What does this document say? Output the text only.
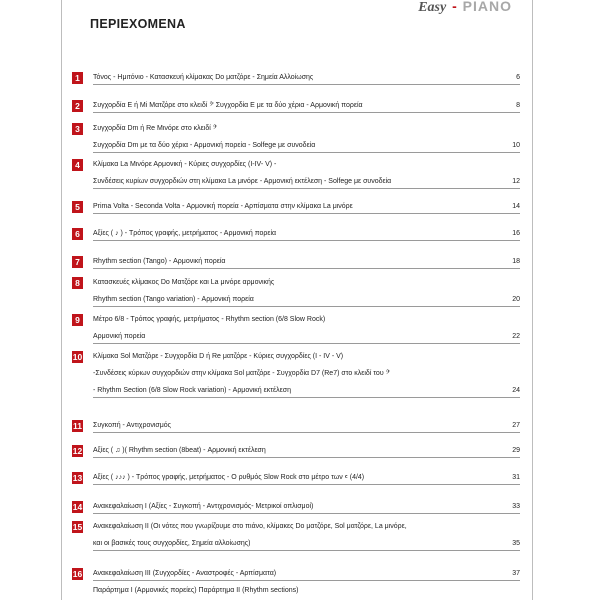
Easy - PIANO
ΠΕΡΙΕΧΟΜΕΝΑ
1	Τόνος - Ημιτόνιο - Κατασκευή κλίμακας Do ματζόρε - Σημεία Αλλοίωσης	6
2	Συγχορδία E ή Mi Ματζόρε στο κλειδί 𝄢 Συγχορδία E με τα δύο χέρια - Αρμονική πορεία	8
3	Συγχορδία Dm ή Re Μινόρε στο κλειδί 𝄢
Συγχορδία Dm με τα δύο χέρια - Αρμονική πορεία - Solfege με συνοδεία	10
4	Κλίμακα La Μινόρε Αρμονική - Κύριες συγχορδίες (I-IV- V) -
Συνδέσεις κυρίων συγχορδιών στη κλίμακα La μινόρε - Αρμονική εκτέλεση - Solfege με συνοδεία	12
5	Prima Volta - Seconda Volta - Αρμονική πορεία - Αρπίσματα στην κλίμακα La μινόρε	14
6	Αξίες ( ♪ ) - Τρόπος γραφής, μετρήματος - Αρμονική πορεία	16
7	Rhythm section (Tango) - Αρμονική πορεία	18
8	Κατασκευές κλίμακος Do Ματζόρε και La μινόρε αρμονικής
Rhythm section (Tango variation) - Αρμονική πορεία	20
9	Μέτρο 6/8 - Τρόπος γραφής, μετρήματος - Rhythm section (6/8 Slow Rock)
Αρμονική πορεία	22
10 Κλίμακα Sol Ματζόρε - Συγχορδία D ή Re ματζόρε - Κύριες συγχορδίες (I - IV - V)
-Συνδέσεις κύριων συγχορδιών στην κλίμακα Sol ματζόρε - Συγχορδία D7 (Re7) στο κλειδί του 𝄢
- Rhythm Section (6/8 Slow Rock variation) - Αρμονική εκτέλεση	24
11 Συγκοπή - Αντιχρονισμός	27
12 Αξίες ( ♫ )( Rhythm section (8beat) - Αρμονική εκτέλεση	29
13 Αξίες ( ♪♪♪ ) - Τρόπος γραφής, μετρήματος - Ο ρυθμός Slow Rock στο μέτρο των 𝄴 (4/4)	31
14 Ανακεφαλαίωση I (Αξίες - Συγκοπή - Αντιχρονισμός- Μετρικοί οπλισμοί)	33
15 Ανακεφαλαίωση II (Οι νότες που γνωρίζουμε στο πιάνο, κλίμακες Do ματζόρε, Sol ματζόρε, La μινόρε,
και οι βασικές τους συγχορδίες, Σημεία αλλοίωσης)	35
16 Ανακεφαλαίωση III (Συγχορδίες - Αναστροφές - Αρπίσματα)	37
Παράρτημα I (Αρμονικές πορείες) Παράρτημα II (Rhythm sections)
